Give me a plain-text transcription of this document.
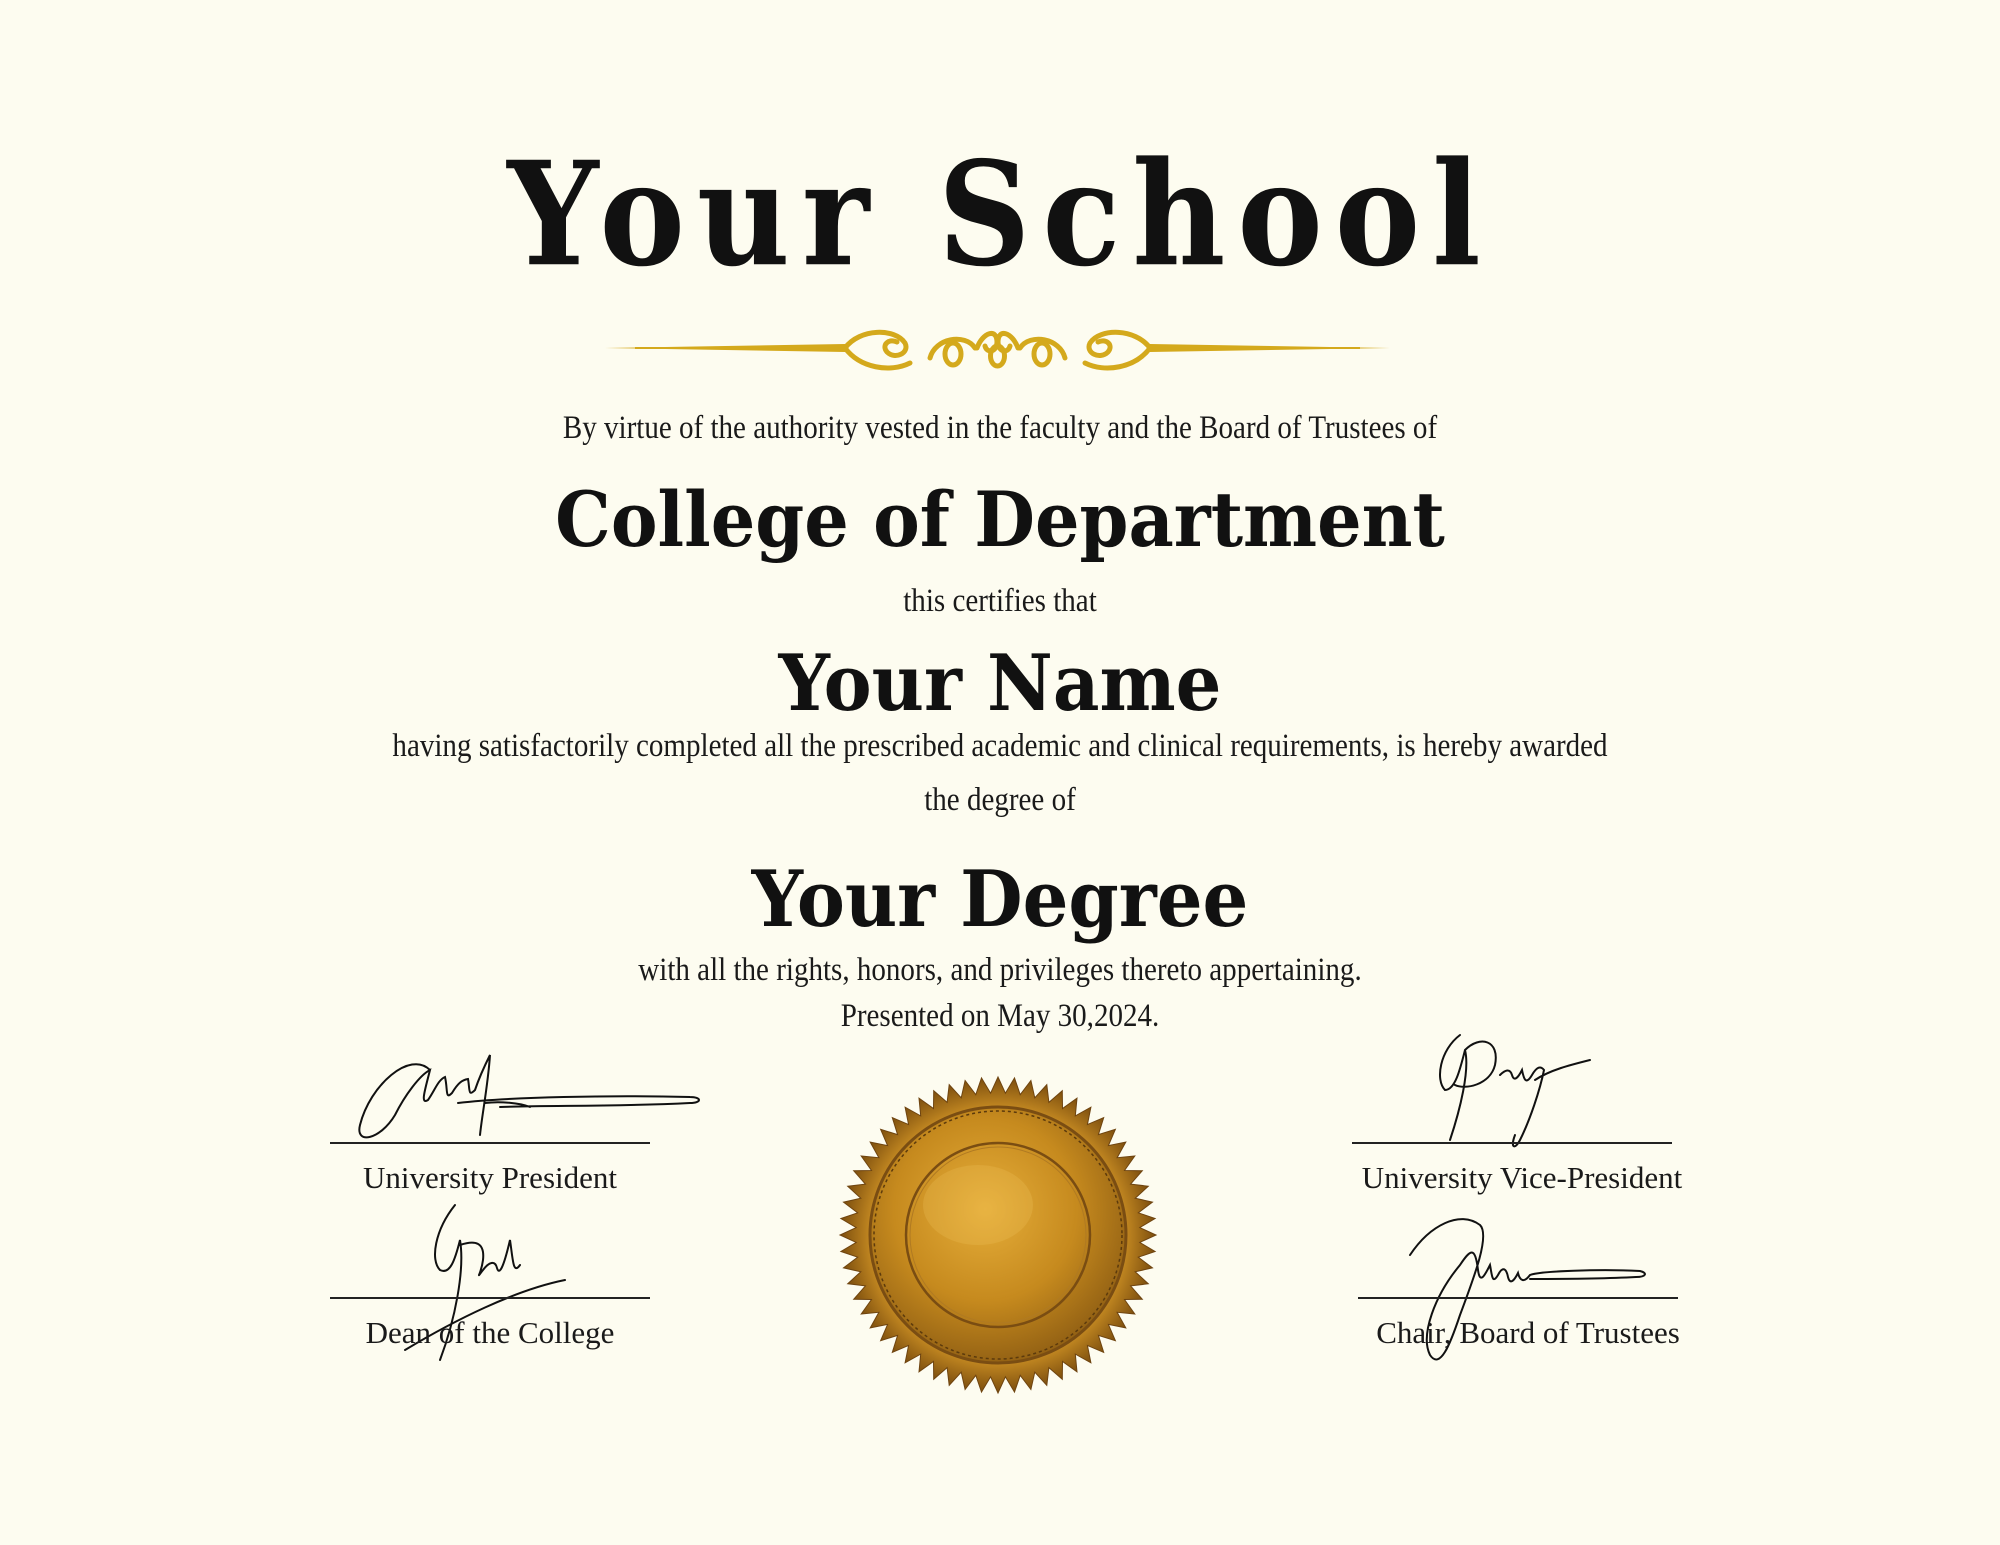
Your School
By virtue of the authority vested in the faculty and the Board of Trustees of
College of Department
this certifies that
Your Name
having satisfactorily completed all the prescribed academic and clinical requirements, is hereby awarded
the degree of
Your Degree
with all the rights, honors, and privileges thereto appertaining.
Presented on May 30,2024.
University President	University Vice-President
Dean of the College	Chair, Board of Trustees
